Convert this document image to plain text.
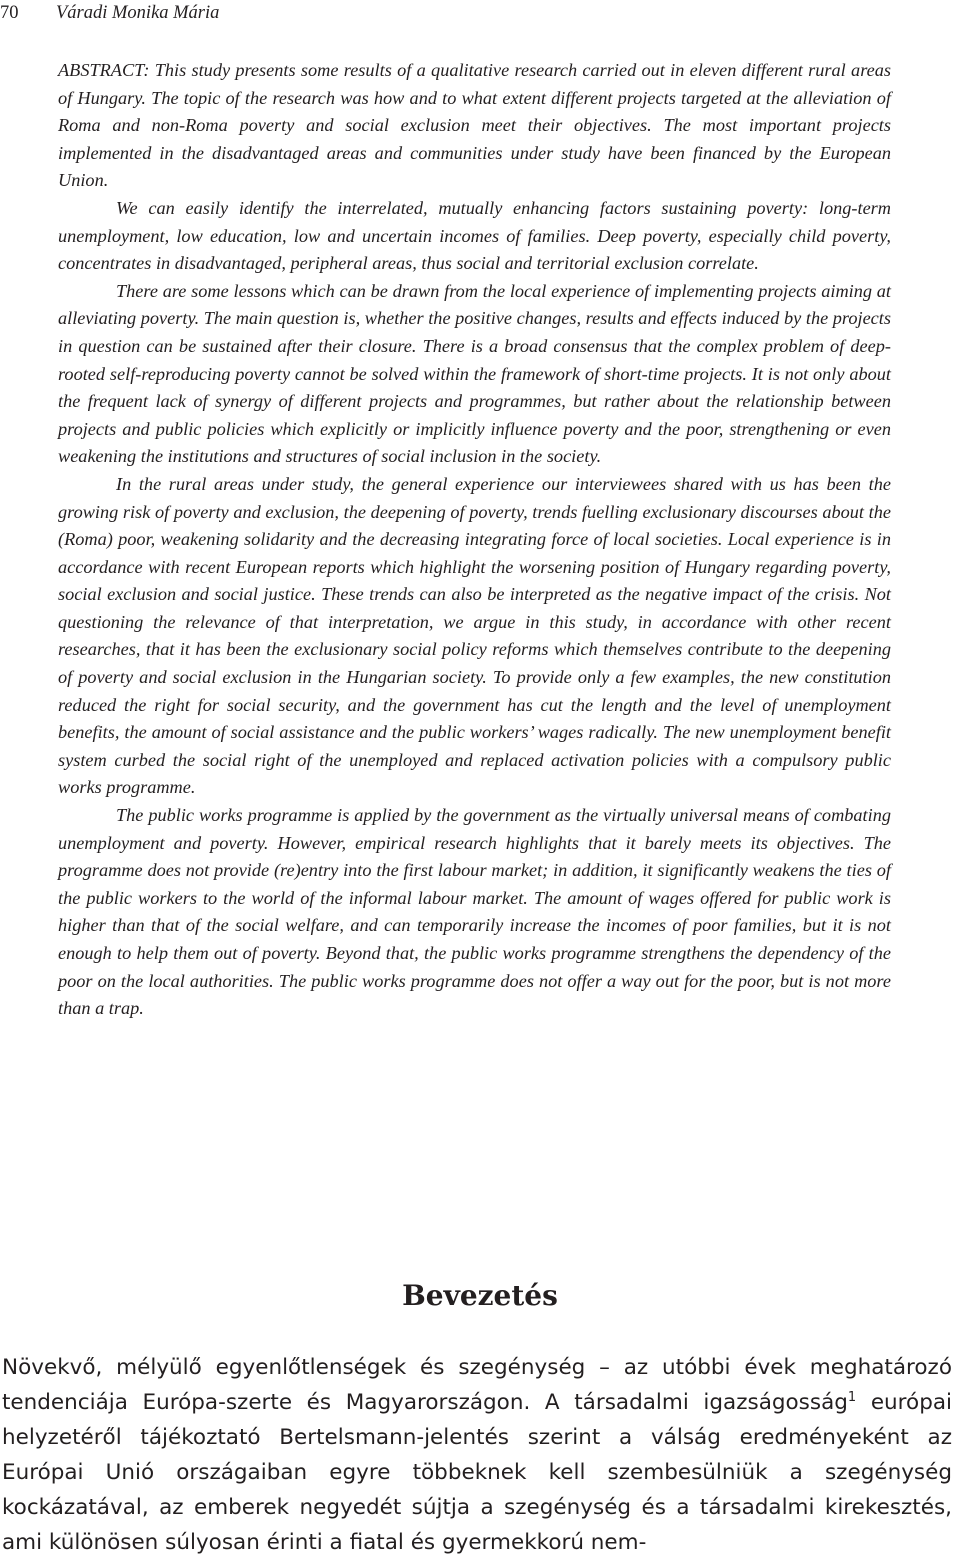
70 Váradi Monika Mária

ABSTRACT: This study presents some results of a qualitative research carried out in eleven different rural areas of Hungary. The topic of the research was how and to what extent different projects targeted at the alleviation of Roma and non-Roma poverty and social exclusion meet their objectives. The most important projects implemented in the disadvantaged areas and communities under study have been financed by the European Union.

We can easily identify the interrelated, mutually enhancing factors sustaining poverty: long-term unemployment, low education, low and uncertain incomes of families. Deep poverty, especially child poverty, concentrates in disadvantaged, peripheral areas, thus social and territorial exclusion correlate.

There are some lessons which can be drawn from the local experience of implementing projects aiming at alleviating poverty. The main question is, whether the positive changes, results and effects induced by the projects in question can be sustained after their closure. There is a broad consensus that the complex problem of deep-rooted self-reproducing poverty cannot be solved within the framework of short-time projects. It is not only about the frequent lack of synergy of different projects and programmes, but rather about the relationship between projects and public policies which explicitly or implicitly influence poverty and the poor, strengthening or even weakening the institutions and structures of social inclusion in the society.

In the rural areas under study, the general experience our interviewees shared with us has been the growing risk of poverty and exclusion, the deepening of poverty, trends fuelling exclusionary discourses about the (Roma) poor, weakening solidarity and the decreasing integrating force of local societies. Local experience is in accordance with recent European reports which highlight the worsening position of Hungary regarding poverty, social exclusion and social justice. These trends can also be interpreted as the negative impact of the crisis. Not questioning the relevance of that interpretation, we argue in this study, in accordance with other recent researches, that it has been the exclusionary social policy reforms which themselves contribute to the deepening of poverty and social exclusion in the Hungarian society. To provide only a few examples, the new constitution reduced the right for social security, and the government has cut the length and the level of unemployment benefits, the amount of social assistance and the public workers’ wages radically. The new unemployment benefit system curbed the social right of the unemployed and replaced activation policies with a compulsory public works programme.

The public works programme is applied by the government as the virtually universal means of combating unemployment and poverty. However, empirical research highlights that it barely meets its objectives. The programme does not provide (re)entry into the first labour market; in addition, it significantly weakens the ties of the public workers to the world of the informal labour market. The amount of wages offered for public work is higher than that of the social welfare, and can temporarily increase the incomes of poor families, but it is not enough to help them out of poverty. Beyond that, the public works programme strengthens the dependency of the poor on the local authorities. The public works programme does not offer a way out for the poor, but is not more than a trap.

Bevezetés

Növekvő, mélyülő egyenlőtlenségek és szegénység – az utóbbi évek meghatározó tendenciája Európa-szerte és Magyarországon. A társadalmi igazságosság$^1$ európai helyzetéről tájékoztató Bertelsmann-jelentés szerint a válság eredményeként az Európai Unió országaiban egyre többeknek kell szembesülniük a szegénység kockázatával, az emberek negyedét sújtja a szegénység és a társadalmi kirekesztés, ami különösen súlyosan érinti a fiatal és gyermekkorú nem-
